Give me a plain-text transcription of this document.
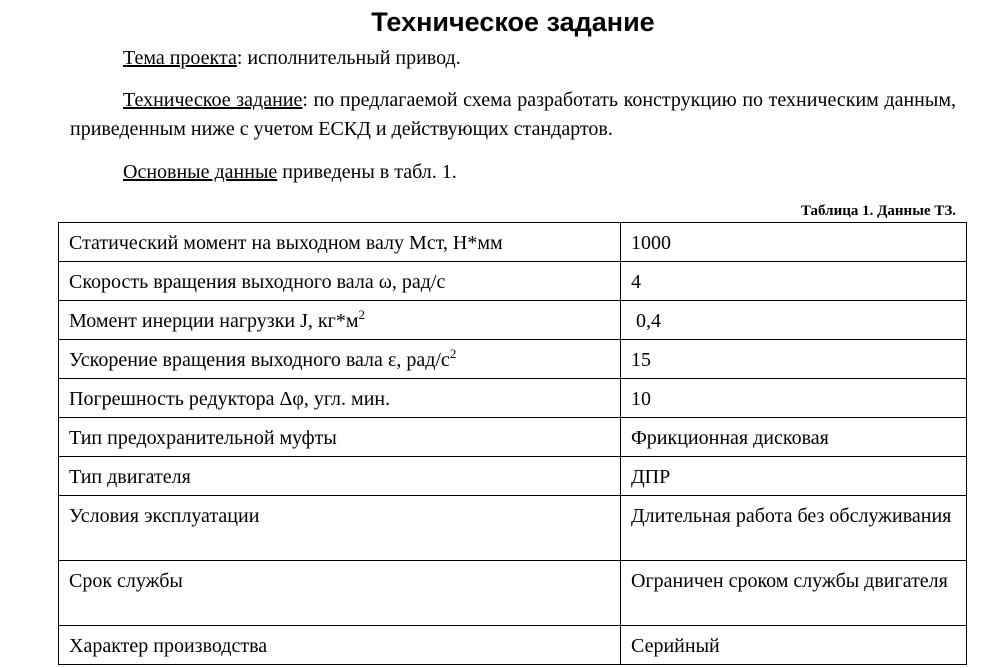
Техническое задание
Тема проекта: исполнительный привод.
Техническое задание: по предлагаемой схема разработать конструкцию по техническим данным, приведенным ниже с учетом ЕСКД и действующих стандартов.
Основные данные приведены в табл. 1.
Таблица 1. Данные ТЗ.
Статический момент на выходном валу Мст, Н*мм	1000
Скорость вращения выходного вала ω, рад/с	4
Момент инерции нагрузки J, $кг*м^2$	0,4
Ускорение вращения выходного вала ε, рад/$с^2$	15
Погрешность редуктора Δφ, угл. мин.	10
Тип предохранительной муфты	Фрикционная дисковая
Тип двигателя	ДПР
Условия эксплуатации	Длительная работа без обслуживания
Срок службы	Ограничен сроком службы двигателя
Характер производства	Серийный
